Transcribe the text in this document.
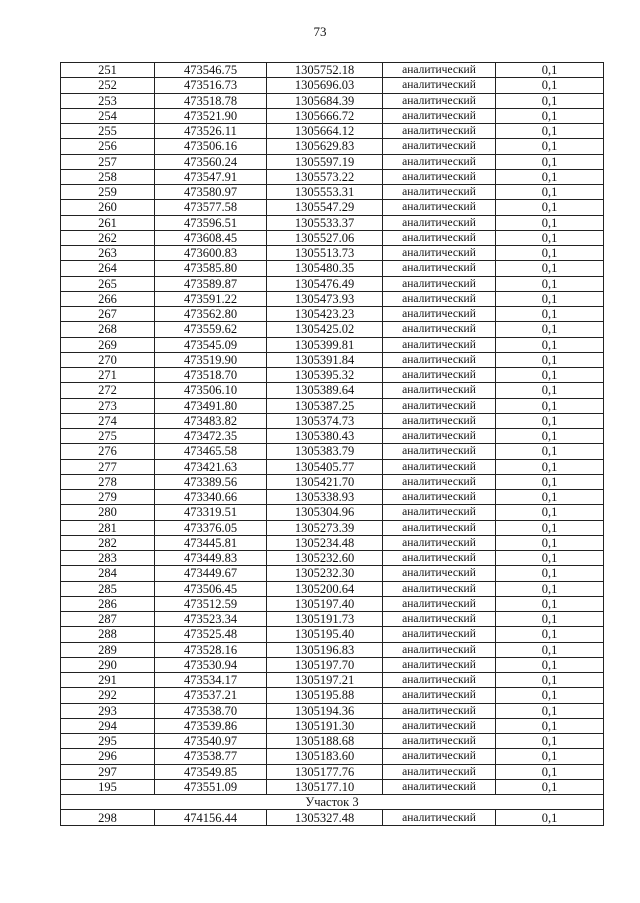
73
251	473546.75	1305752.18	аналитический	0,1
252	473516.73	1305696.03	аналитический	0,1
253	473518.78	1305684.39	аналитический	0,1
254	473521.90	1305666.72	аналитический	0,1
255	473526.11	1305664.12	аналитический	0,1
256	473506.16	1305629.83	аналитический	0,1
257	473560.24	1305597.19	аналитический	0,1
258	473547.91	1305573.22	аналитический	0,1
259	473580.97	1305553.31	аналитический	0,1
260	473577.58	1305547.29	аналитический	0,1
261	473596.51	1305533.37	аналитический	0,1
262	473608.45	1305527.06	аналитический	0,1
263	473600.83	1305513.73	аналитический	0,1
264	473585.80	1305480.35	аналитический	0,1
265	473589.87	1305476.49	аналитический	0,1
266	473591.22	1305473.93	аналитический	0,1
267	473562.80	1305423.23	аналитический	0,1
268	473559.62	1305425.02	аналитический	0,1
269	473545.09	1305399.81	аналитический	0,1
270	473519.90	1305391.84	аналитический	0,1
271	473518.70	1305395.32	аналитический	0,1
272	473506.10	1305389.64	аналитический	0,1
273	473491.80	1305387.25	аналитический	0,1
274	473483.82	1305374.73	аналитический	0,1
275	473472.35	1305380.43	аналитический	0,1
276	473465.58	1305383.79	аналитический	0,1
277	473421.63	1305405.77	аналитический	0,1
278	473389.56	1305421.70	аналитический	0,1
279	473340.66	1305338.93	аналитический	0,1
280	473319.51	1305304.96	аналитический	0,1
281	473376.05	1305273.39	аналитический	0,1
282	473445.81	1305234.48	аналитический	0,1
283	473449.83	1305232.60	аналитический	0,1
284	473449.67	1305232.30	аналитический	0,1
285	473506.45	1305200.64	аналитический	0,1
286	473512.59	1305197.40	аналитический	0,1
287	473523.34	1305191.73	аналитический	0,1
288	473525.48	1305195.40	аналитический	0,1
289	473528.16	1305196.83	аналитический	0,1
290	473530.94	1305197.70	аналитический	0,1
291	473534.17	1305197.21	аналитический	0,1
292	473537.21	1305195.88	аналитический	0,1
293	473538.70	1305194.36	аналитический	0,1
294	473539.86	1305191.30	аналитический	0,1
295	473540.97	1305188.68	аналитический	0,1
296	473538.77	1305183.60	аналитический	0,1
297	473549.85	1305177.76	аналитический	0,1
195	473551.09	1305177.10	аналитический	0,1
Участок 3				
298	474156.44	1305327.48	аналитический	0,1
